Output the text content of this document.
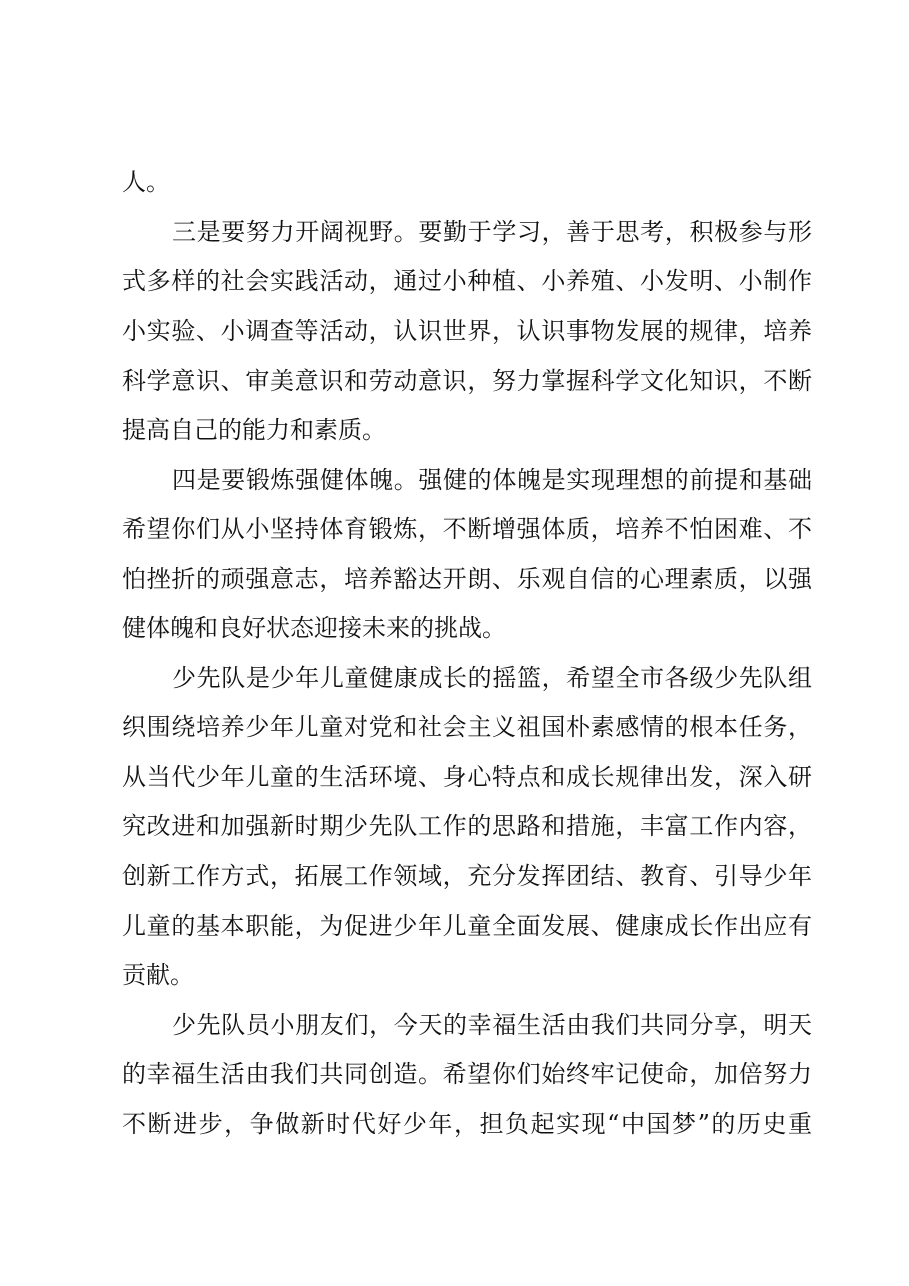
人。

三是要努力开阔视野。要勤于学习，善于思考，积极参与形

式多样的社会实践活动，通过小种植、小养殖、小发明、小制作

小实验、小调查等活动，认识世界，认识事物发展的规律，培养

科学意识、审美意识和劳动意识，努力掌握科学文化知识，不断

提高自己的能力和素质。

四是要锻炼强健体魄。强健的体魄是实现理想的前提和基础

希望你们从小坚持体育锻炼，不断增强体质，培养不怕困难、不

怕挫折的顽强意志，培养豁达开朗、乐观自信的心理素质，以强

健体魄和良好状态迎接未来的挑战。

少先队是少年儿童健康成长的摇篮，希望全市各级少先队组

织围绕培养少年儿童对党和社会主义祖国朴素感情的根本任务，

从当代少年儿童的生活环境、身心特点和成长规律出发，深入研

究改进和加强新时期少先队工作的思路和措施，丰富工作内容，

创新工作方式，拓展工作领域，充分发挥团结、教育、引导少年

儿童的基本职能，为促进少年儿童全面发展、健康成长作出应有

贡献。

少先队员小朋友们，今天的幸福生活由我们共同分享，明天

的幸福生活由我们共同创造。希望你们始终牢记使命，加倍努力

不断进步，争做新时代好少年，担负起实现“中国梦”的历史重
